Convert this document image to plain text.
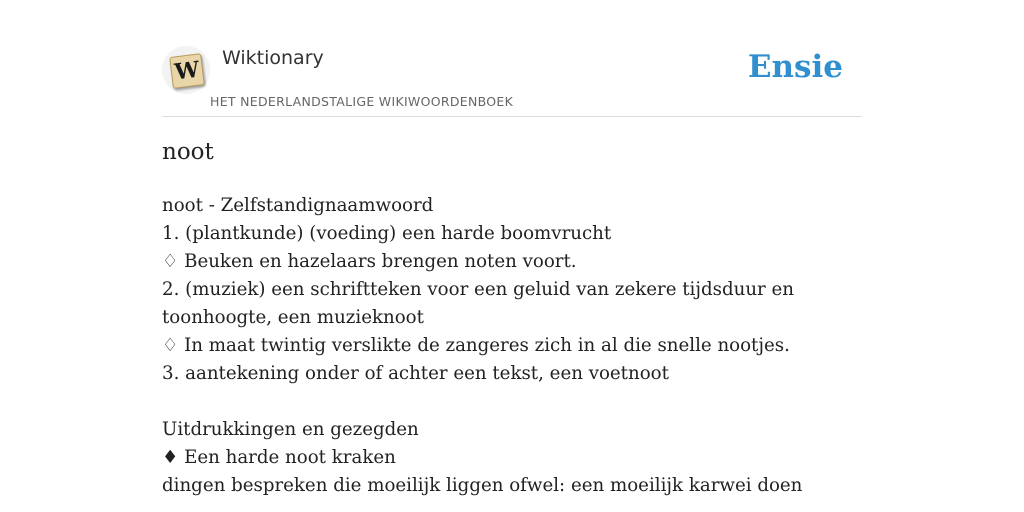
W Wiktionary
HET NEDERLANDSTALIGE WIKIWOORDENBOEK
Ensie
noot
noot - Zelfstandignaamwoord
1. (plantkunde) (voeding) een harde boomvrucht
♢ Beuken en hazelaars brengen noten voort.
2. (muziek) een schriftteken voor een geluid van zekere tijdsduur en toonhoogte, een muzieknoot
♢ In maat twintig verslikte de zangeres zich in al die snelle nootjes.
3. aantekening onder of achter een tekst, een voetnoot
Uitdrukkingen en gezegden
♦ Een harde noot kraken
dingen bespreken die moeilijk liggen ofwel: een moeilijk karwei doen
